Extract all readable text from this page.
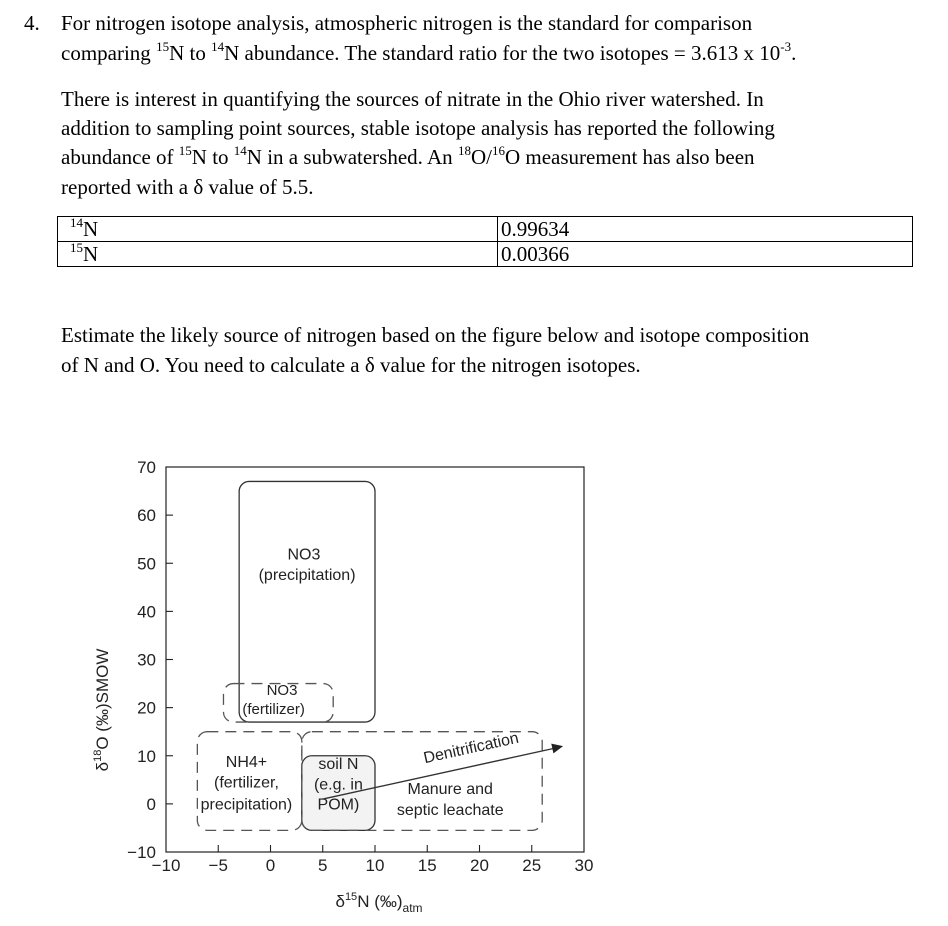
4. For nitrogen isotope analysis, atmospheric nitrogen is the standard for comparison
comparing $^{15}$N to $^{14}$N abundance. The standard ratio for the two isotopes = 3.613 x $10^{-3}$.
There is interest in quantifying the sources of nitrate in the Ohio river watershed. In
addition to sampling point sources, stable isotope analysis has reported the following
abundance of $^{15}$N to $^{14}$N in a subwatershed. An $^{18}$O/$^{16}$O measurement has also been
reported with a δ value of 5.5.
$^{14}$N	0.99634
$^{15}$N	0.00366
Estimate the likely source of nitrogen based on the figure below and isotope composition
of N and O. You need to calculate a δ value for the nitrogen isotopes.
70
60
50
40
30
20
10
0
−10
−10 −5 0	5 10 15 20 25 30
NO3
(precipitation)
NO3
(fertilizer)
NH4+
(fertilizer,
precipitation)
soil N
(e.g. in
POM)
Manure and
septic leachate
Denitrification
$\delta^{18}O$ (‰)SMOW
$\delta^{15}N$ $(‰)_{atm}$
